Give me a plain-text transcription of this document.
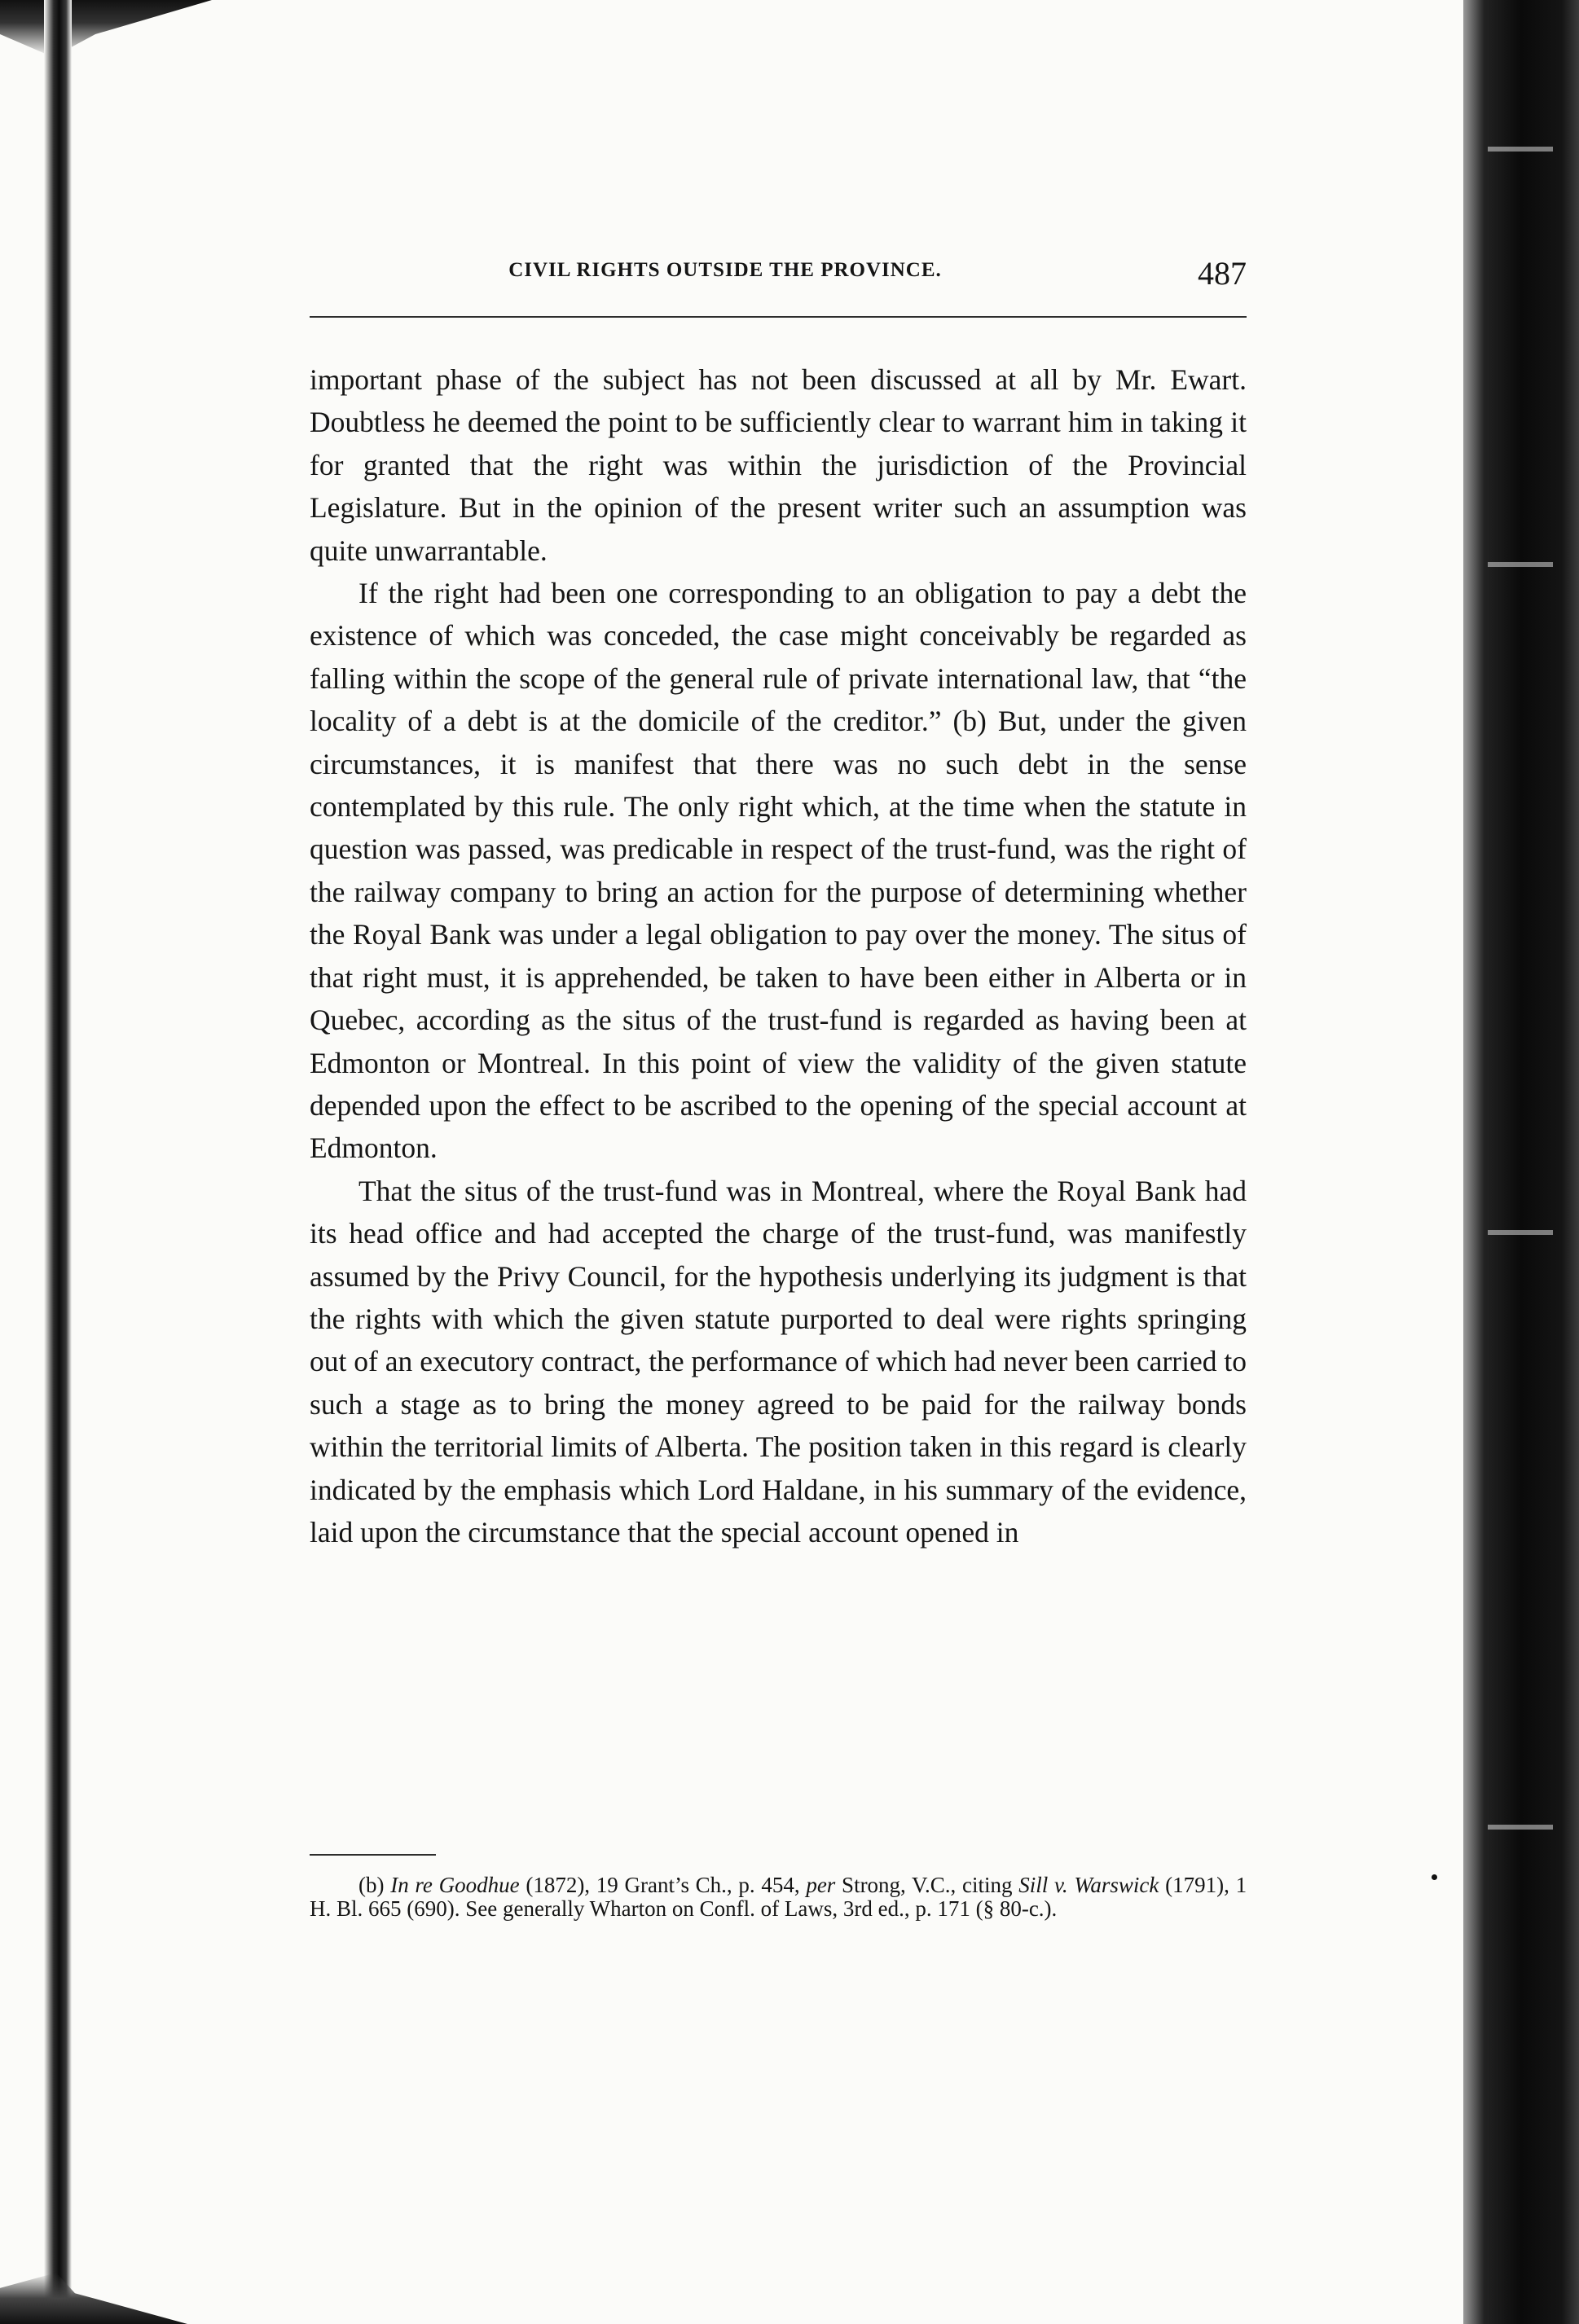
CIVIL RIGHTS OUTSIDE THE PROVINCE.	487

important phase of the subject has not been discussed at all by Mr. Ewart. Doubtless he deemed the point to be sufficiently clear to warrant him in taking it for granted that the right was within the jurisdiction of the Provincial Legislature. But in the opinion of the present writer such an assumption was quite unwarrantable.

If the right had been one corresponding to an obligation to pay a debt the existence of which was conceded, the case might conceivably be regarded as falling within the scope of the general rule of private international law, that “the locality of a debt is at the domicile of the creditor.” (b) But, under the given circumstances, it is manifest that there was no such debt in the sense contemplated by this rule. The only right which, at the time when the statute in question was passed, was predicable in respect of the trust-fund, was the right of the railway company to bring an action for the purpose of determining whether the Royal Bank was under a legal obligation to pay over the money. The situs of that right must, it is apprehended, be taken to have been either in Alberta or in Quebec, according as the situs of the trust-fund is regarded as having been at Edmonton or Montreal. In this point of view the validity of the given statute depended upon the effect to be ascribed to the opening of the special account at Edmonton.

That the situs of the trust-fund was in Montreal, where the Royal Bank had its head office and had accepted the charge of the trust-fund, was manifestly assumed by the Privy Council, for the hypothesis underlying its judgment is that the rights with which the given statute purported to deal were rights springing out of an executory contract, the performance of which had never been carried to such a stage as to bring the money agreed to be paid for the railway bonds within the territorial limits of Alberta. The position taken in this regard is clearly indicated by the emphasis which Lord Haldane, in his summary of the evidence, laid upon the circumstance that the special account opened in

(b) In re Goodhue (1872), 19 Grant’s Ch., p. 454, per Strong, V.C., citing Sill v. Warswick (1791), 1 H. Bl. 665 (690). See generally Wharton on Confl. of Laws, 3rd ed., p. 171 (§ 80-c.).
